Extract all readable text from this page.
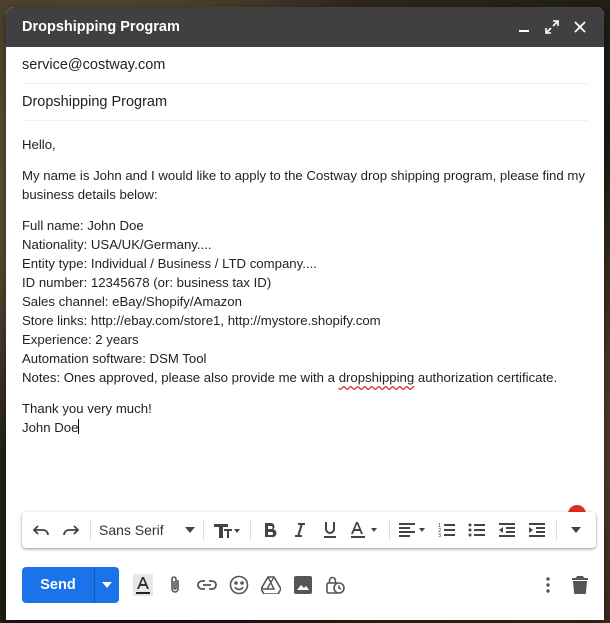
Dropshipping Program
service@costway.com
Dropshipping Program

Hello,

My name is John and I would like to apply to the Costway drop shipping program, please find my business details below:

Full name: John Doe
Nationality: USA/UK/Germany....
Entity type: Individual / Business / LTD company....
ID number: 12345678 (or: business tax ID)
Sales channel: eBay/Shopify/Amazon
Store links: http://ebay.com/store1, http://mystore.shopify.com
Experience: 2 years
Automation software: DSM Tool
Notes: Ones approved, please also provide me with a dropshipping authorization certificate.

Thank you very much!
John Doe

Sans Serif	1
2
3
Send
